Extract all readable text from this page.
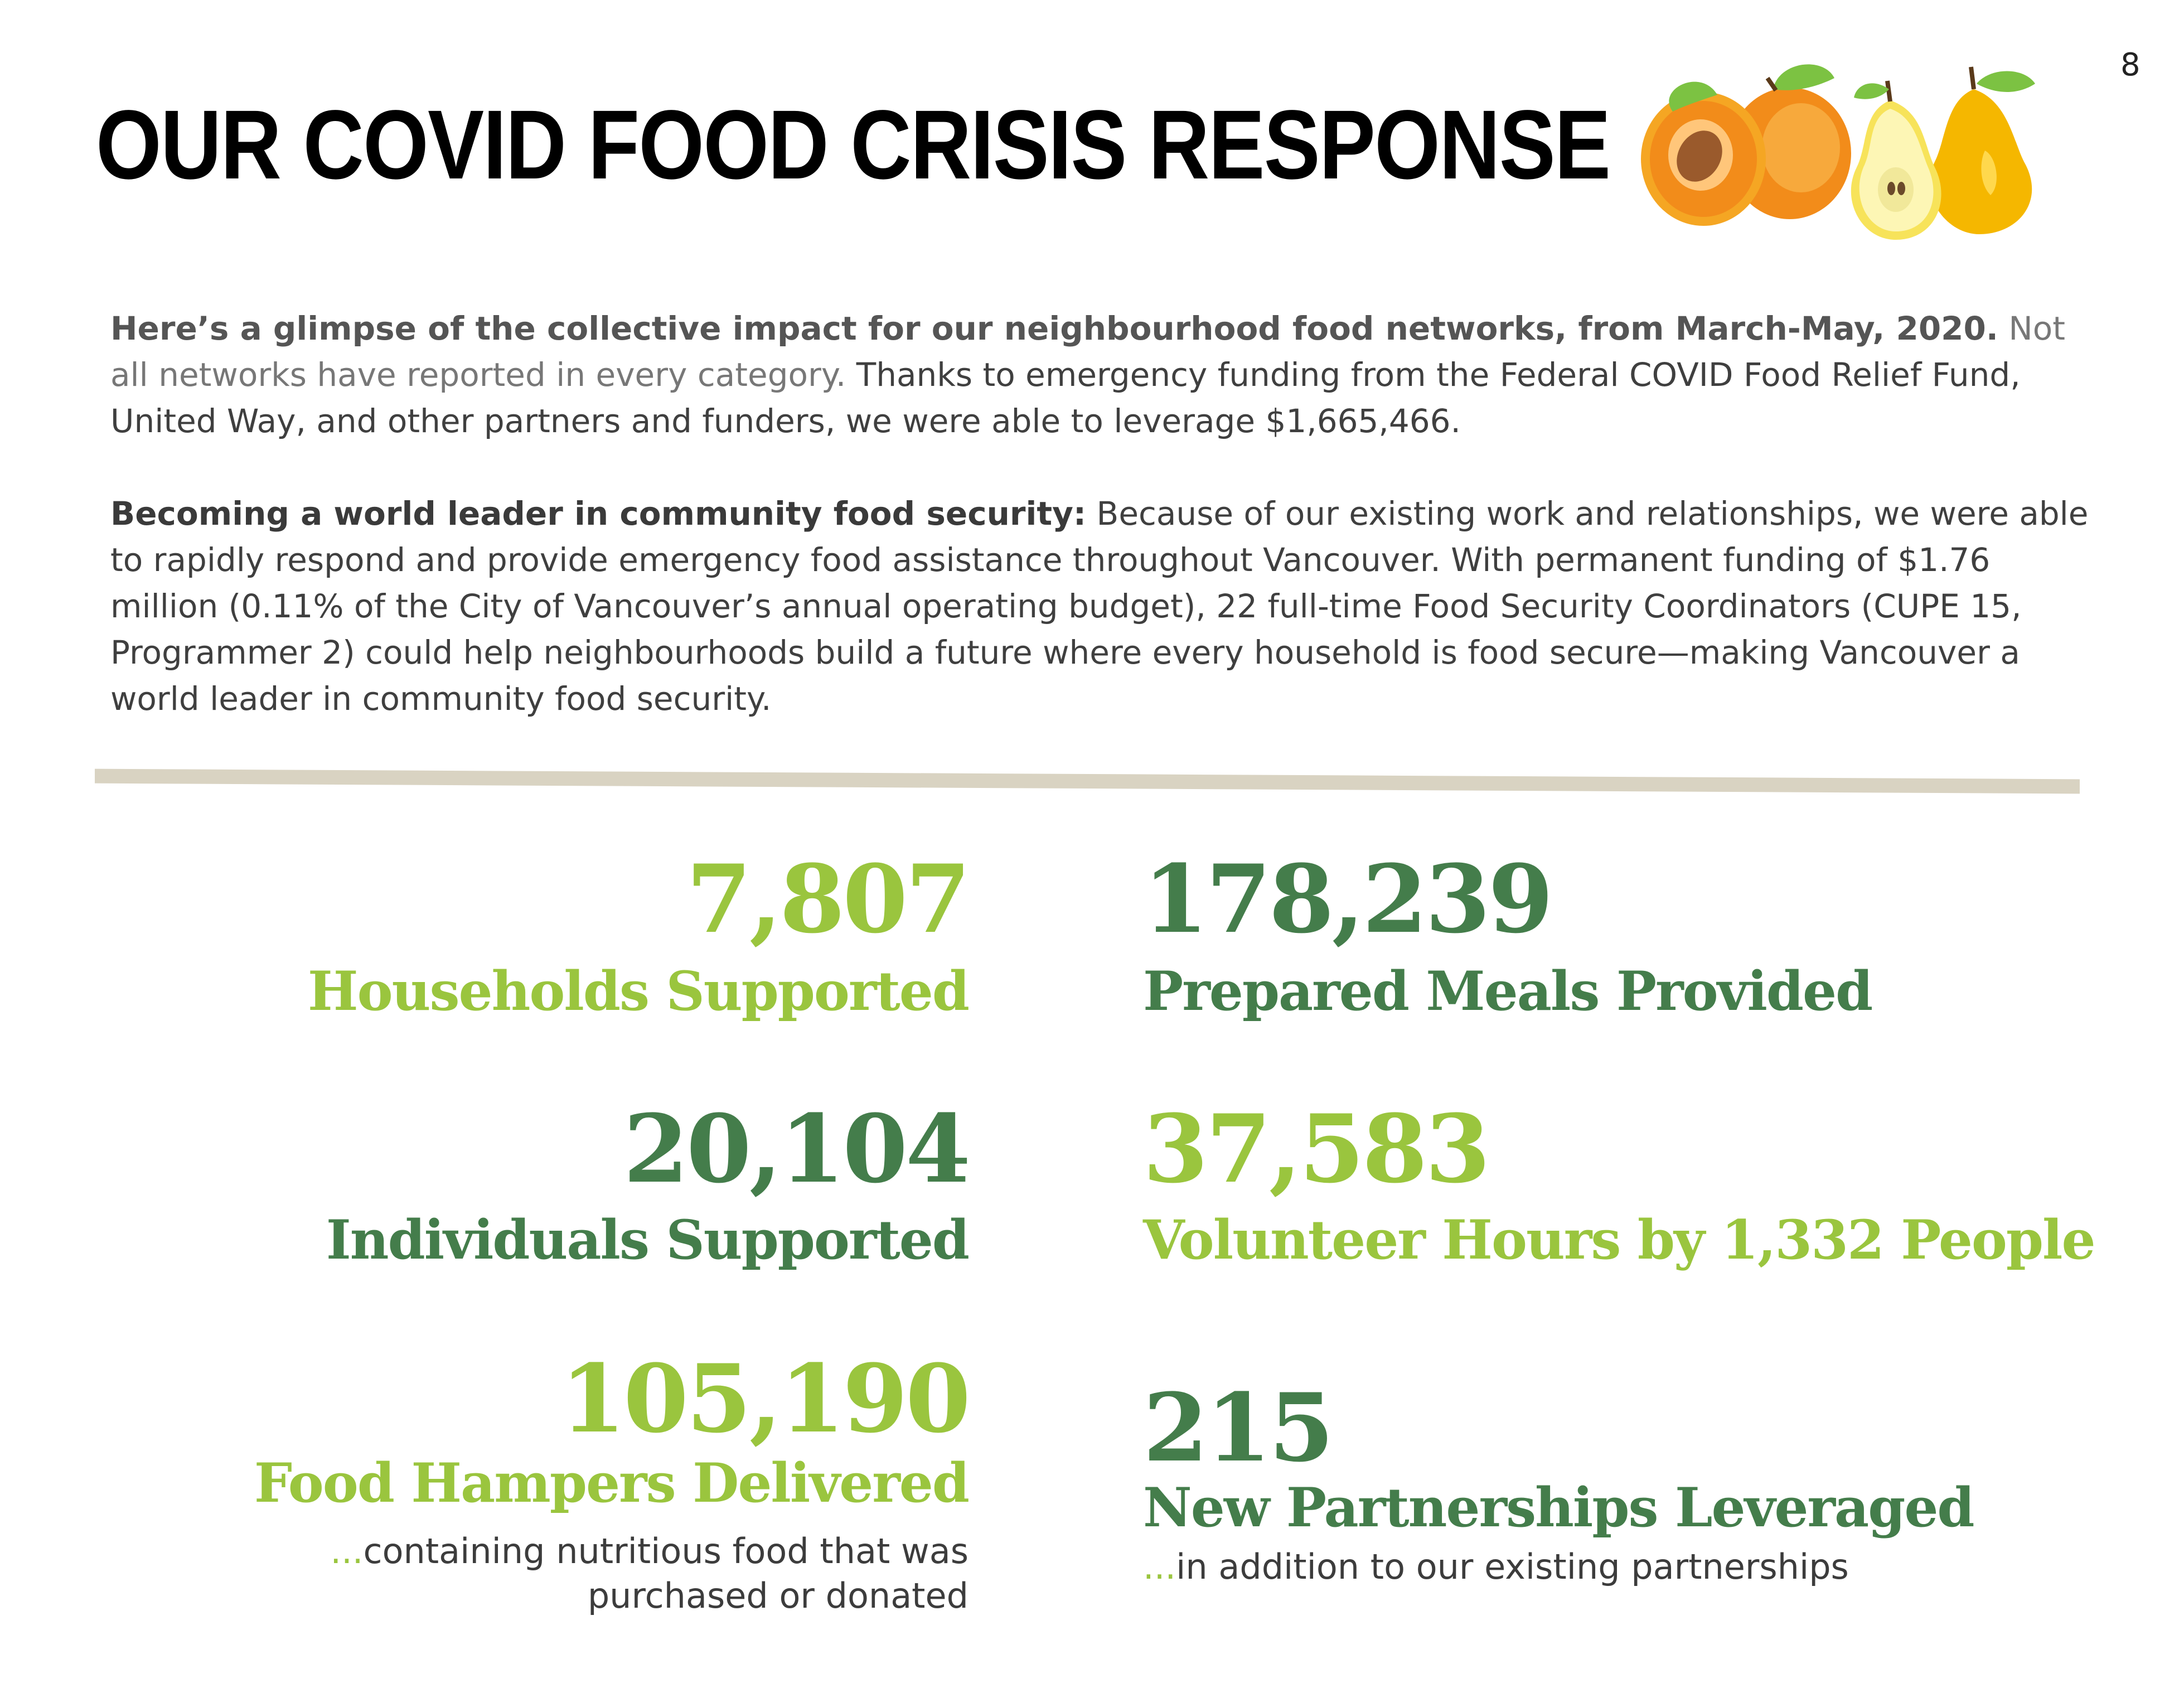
8
OUR COVID FOOD CRISIS RESPONSE

Here’s a glimpse of the collective impact for our neighbourhood food networks, from March-May, 2020. Not all networks have reported in every category. Thanks to emergency funding from the Federal COVID Food Relief Fund, United Way, and other partners and funders, we were able to leverage $1,665,466.

Becoming a world leader in community food security: Because of our existing work and relationships, we were able to rapidly respond and provide emergency food assistance throughout Vancouver. With permanent funding of $1.76 million (0.11% of the City of Vancouver’s annual operating budget), 22 full-time Food Security Coordinators (CUPE 15, Programmer 2) could help neighbourhoods build a future where every household is food secure—making Vancouver a world leader in community food security.

7,807
Households Supported
178,239
Prepared Meals Provided
20,104
Individuals Supported
37,583
Volunteer Hours by 1,332 People
105,190
Food Hampers Delivered
...containing nutritious food that was
purchased or donated
215
New Partnerships Leveraged
...in addition to our existing partnerships
